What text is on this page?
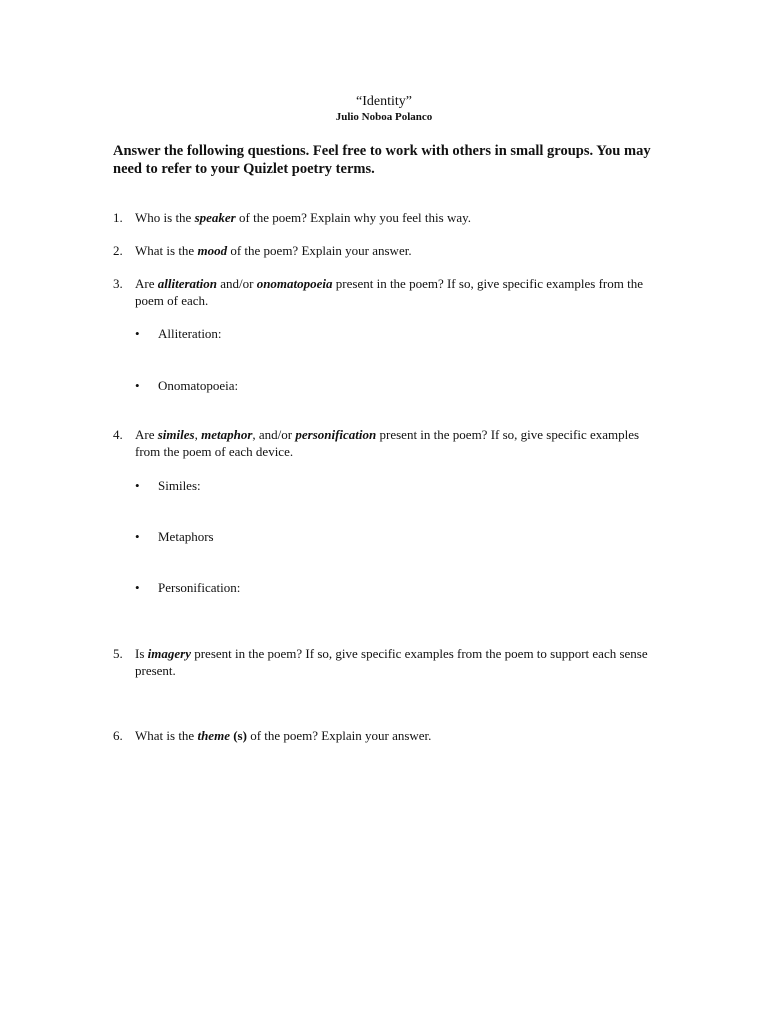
“Identity”
Julio Noboa Polanco
Answer the following questions. Feel free to work with others in small groups. You may need to refer to your Quizlet poetry terms.
1. Who is the speaker of the poem? Explain why you feel this way.
2. What is the mood of the poem? Explain your answer.
3. Are alliteration and/or onomatopoeia present in the poem? If so, give specific examples from the poem of each.
• Alliteration:
• Onomatopoeia:
4. Are similes, metaphor, and/or personification present in the poem? If so, give specific examples from the poem of each device.
• Similes:
• Metaphors
• Personification:
5. Is imagery present in the poem? If so, give specific examples from the poem to support each sense present.
6. What is the theme (s) of the poem? Explain your answer.
